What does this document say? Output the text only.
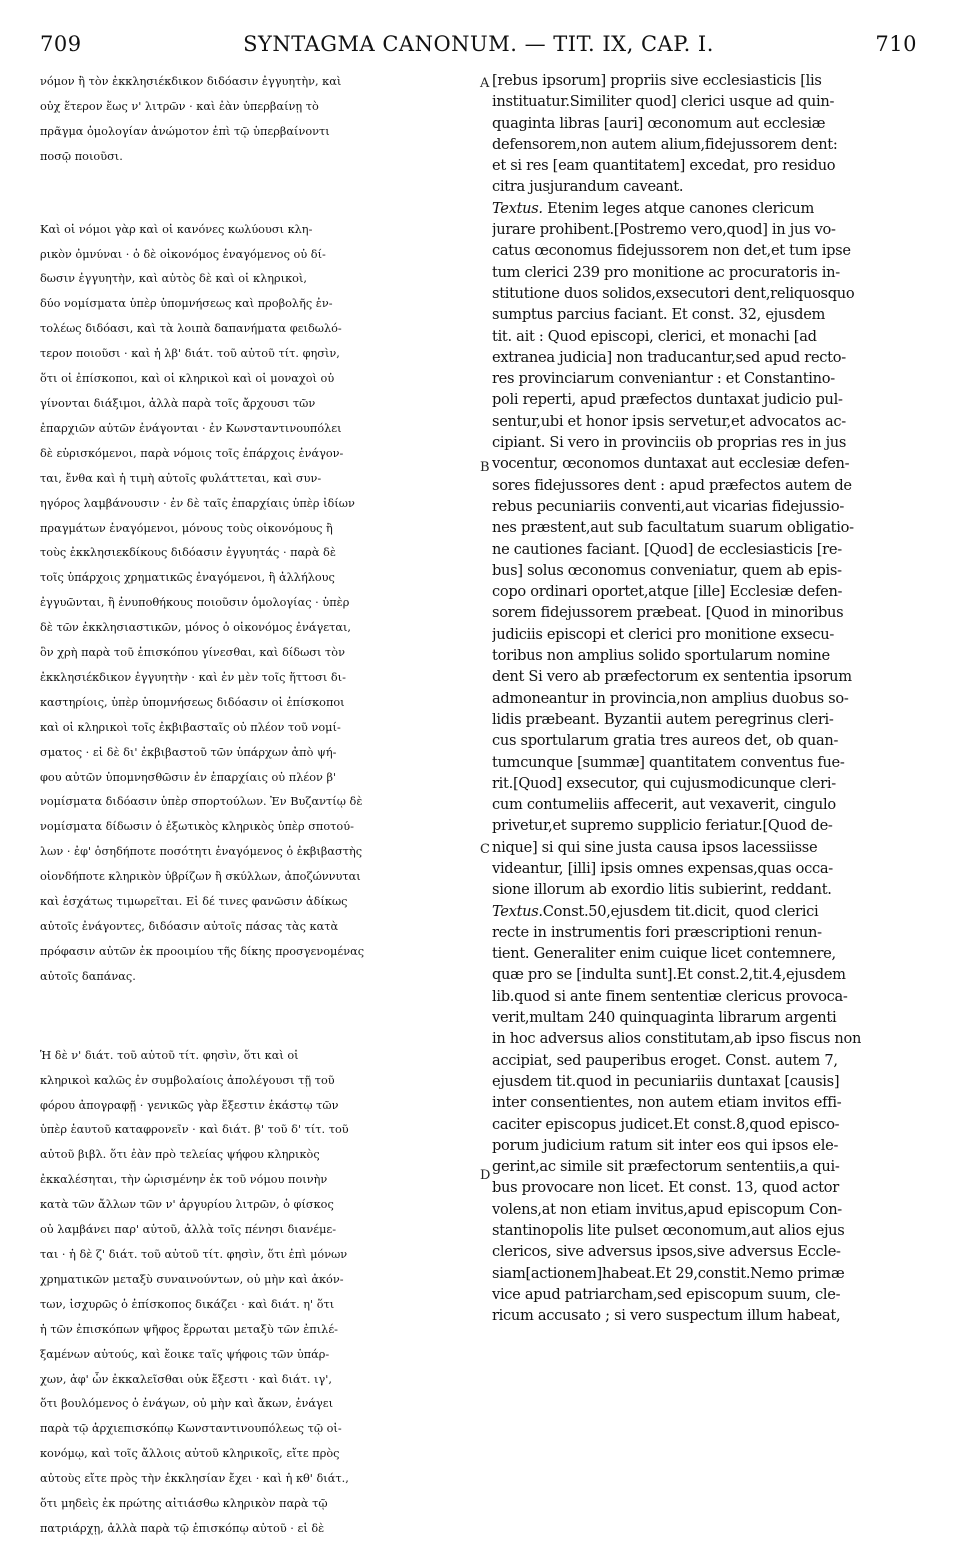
709	SYNTAGMA CANONUM. — TIT. IX, CAP. I.	710
A
B
C
D

νόμον ἢ τὸν ἐκκλησιέκδικον διδόασιν ἐγγυητὴν, καὶ
οὐχ ἕτερον ἕως ν' λιτρῶν · καὶ ἐὰν ὑπερβαίνῃ τὸ
πρᾶγμα ὁμολογίαν ἀνώμοτον ἐπὶ τῷ ὑπερβαίνοντι
ποσῷ ποιοῦσι.

Καὶ οἱ νόμοι γὰρ καὶ οἱ κανόνες κωλύουσι κλη-
ρικὸν ὀμνύναι · ὁ δὲ οἰκονόμος ἐναγόμενος οὐ δί-
δωσιν ἐγγυητὴν, καὶ αὐτὸς δὲ καὶ οἱ κληρικοὶ,
δύο νομίσματα ὑπὲρ ὑπομνήσεως καὶ προβολῆς ἐν-
τολέως διδόασι, καὶ τὰ λοιπὰ δαπανήματα φειδωλό-
τερον ποιοῦσι · καὶ ἡ λβ' διάτ. τοῦ αὐτοῦ τίτ. φησὶν,
ὅτι οἱ ἐπίσκοποι, καὶ οἱ κληρικοὶ καὶ οἱ μοναχοὶ οὐ
γίνονται διάξιμοι, ἀλλὰ παρὰ τοῖς ἄρχουσι τῶν
ἐπαρχιῶν αὐτῶν ἐνάγονται · ἐν Κωνσταντινουπόλει
δὲ εὑρισκόμενοι, παρὰ νόμοις τοῖς ἐπάρχοις ἐνάγον-
ται, ἔνθα καὶ ἡ τιμὴ αὐτοῖς φυλάττεται, καὶ συν-
ηγόρος λαμβάνουσιν · ἐν δὲ ταῖς ἐπαρχίαις ὑπὲρ ἰδίων
πραγμάτων ἐναγόμενοι, μόνους τοὺς οἰκονόμους ἢ
τοὺς ἐκκλησιεκδίκους διδόασιν ἐγγυητάς · παρὰ δὲ
τοῖς ὑπάρχοις χρηματικῶς ἐναγόμενοι, ἢ ἀλλήλους
ἐγγυῶνται, ἢ ἐνυποθήκους ποιοῦσιν ὁμολογίας · ὑπὲρ
δὲ τῶν ἐκκλησιαστικῶν, μόνος ὁ οἰκονόμος ἐνάγεται,
ὃν χρὴ παρὰ τοῦ ἐπισκόπου γίνεσθαι, καὶ δίδωσι τὸν
ἐκκλησιέκδικον ἐγγυητὴν · καὶ ἐν μὲν τοῖς ἥττοσι δι-
καστηρίοις, ὑπὲρ ὑπομνήσεως διδόασιν οἱ ἐπίσκοποι
καὶ οἱ κληρικοὶ τοῖς ἐκβιβασταῖς οὐ πλέον τοῦ νομί-
σματος · εἰ δὲ δι' ἐκβιβαστοῦ τῶν ὑπάρχων ἀπὸ ψή-
φου αὐτῶν ὑπομνησθῶσιν ἐν ἐπαρχίαις οὐ πλέον β'
νομίσματα διδόασιν ὑπὲρ σπορτούλων. Ἐν Βυζαντίῳ δὲ
νομίσματα δίδωσιν ὁ ἐξωτικὸς κληρικὸς ὑπὲρ σποτού-
λων · ἐφ' ὁσηδήποτε ποσότητι ἐναγόμενος ὁ ἐκβιβαστὴς
οἱονδήποτε κληρικὸν ὑβρίζων ἢ σκύλλων, ἀποζώννυται
καὶ ἐσχάτως τιμωρεῖται. Εἰ δέ τινες φανῶσιν ἀδίκως
αὐτοῖς ἐνάγοντες, διδόασιν αὐτοῖς πάσας τὰς κατὰ
πρόφασιν αὐτῶν ἐκ προοιμίου τῆς δίκης προσγενομένας
αὐτοῖς δαπάνας.

Ἡ δὲ ν' διάτ. τοῦ αὐτοῦ τίτ. φησὶν, ὅτι καὶ οἱ
κληρικοὶ καλῶς ἐν συμβολαίοις ἀπολέγουσι τῇ τοῦ
φόρου ἀπογραφῇ · γενικῶς γὰρ ἔξεστιν ἑκάστῳ τῶν
ὑπὲρ ἑαυτοῦ καταφρονεῖν · καὶ διάτ. β' τοῦ δ' τίτ. τοῦ
αὐτοῦ βιβλ. ὅτι ἐὰν πρὸ τελείας ψήφου κληρικὸς
ἐκκαλέσηται, τὴν ὡρισμένην ἐκ τοῦ νόμου ποινὴν
κατὰ τῶν ἄλλων τῶν ν' ἀργυρίου λιτρῶν, ὁ φίσκος
οὐ λαμβάνει παρ' αὐτοῦ, ἀλλὰ τοῖς πένησι διανέμε-
ται · ἡ δὲ ζ' διάτ. τοῦ αὐτοῦ τίτ. φησὶν, ὅτι ἐπὶ μόνων
χρηματικῶν μεταξὺ συναινούντων, οὐ μὴν καὶ ἀκόν-
των, ἰσχυρῶς ὁ ἐπίσκοπος δικάζει · καὶ διάτ. η' ὅτι
ἡ τῶν ἐπισκόπων ψῆφος ἔρρωται μεταξὺ τῶν ἐπιλέ-
ξαμένων αὐτούς, καὶ ἔοικε ταῖς ψήφοις τῶν ὑπάρ-
χων, ἀφ' ὧν ἐκκαλεῖσθαι οὐκ ἔξεστι · καὶ διάτ. ιγ',
ὅτι βουλόμενος ὁ ἐνάγων, οὐ μὴν καὶ ἄκων, ἐνάγει
παρὰ τῷ ἀρχιεπισκόπῳ Κωνσταντινουπόλεως τῷ οἰ-
κονόμῳ, καὶ τοῖς ἄλλοις αὐτοῦ κληρικοῖς, εἴτε πρὸς
αὐτοὺς εἴτε πρὸς τὴν ἐκκλησίαν ἔχει · καὶ ἡ κθ' διάτ.,
ὅτι μηδεὶς ἐκ πρώτης αἰτιάσθω κληρικὸν παρὰ τῷ
πατριάρχῃ, ἀλλὰ παρὰ τῷ ἐπισκόπῳ αὐτοῦ · εἰ δὲ

[rebus ipsorum] propriis sive ecclesiasticis [lis
instituatur.Similiter quod] clerici usque ad quin-
quaginta libras [auri] œconomum aut ecclesiæ
defensorem,non autem alium,fidejussorem dent:
et si res [eam quantitatem] excedat, pro residuo
citra jusjurandum caveant.

Textus. Etenim leges atque canones clericum
jurare prohibent.[Postremo vero,quod] in jus vo-
catus œconomus fidejussorem non det,et tum ipse
tum clerici 239 pro monitione ac procuratoris in-
stitutione duos solidos,exsecutori dent,reliquosquo
sumptus parcius faciant. Et const. 32, ejusdem
tit. ait : Quod episcopi, clerici, et monachi [ad
extranea judicia] non traducantur,sed apud recto-
res provinciarum conveniantur : et Constantino-
poli reperti, apud præfectos duntaxat judicio pul-
sentur,ubi et honor ipsis servetur,et advocatos ac-
cipiant. Si vero in provinciis ob proprias res in jus
vocentur, œconomos duntaxat aut ecclesiæ defen-
sores fidejussores dent : apud præfectos autem de
rebus pecuniariis conventi,aut vicarias fidejussio-
nes præstent,aut sub facultatum suarum obligatio-
ne cautiones faciant. [Quod] de ecclesiasticis [re-
bus] solus œconomus conveniatur, quem ab epis-
copo ordinari oportet,atque [ille] Ecclesiæ defen-
sorem fidejussorem præbeat. [Quod in minoribus
judiciis episcopi et clerici pro monitione exsecu-
toribus non amplius solido sportularum nomine
dent Si vero ab præfectorum ex sententia ipsorum
admoneantur in provincia,non amplius duobus so-
lidis præbeant. Byzantii autem peregrinus cleri-
cus sportularum gratia tres aureos det, ob quan-
tumcunque [summæ] quantitatem conventus fue-
rit.[Quod] exsecutor, qui cujusmodicunque cleri-
cum contumeliis affecerit, aut vexaverit, cingulo
privetur,et supremo supplicio feriatur.[Quod de-
nique] si qui sine justa causa ipsos lacessiisse
videantur, [illi] ipsis omnes expensas,quas occa-
sione illorum ab exordio litis subierint, reddant.

Textus.Const.50,ejusdem tit.dicit, quod clerici
recte in instrumentis fori præscriptioni renun-
tient. Generaliter enim cuique licet contemnere,
quæ pro se [indulta sunt].Et const.2,tit.4,ejusdem
lib.quod si ante finem sententiæ clericus provoca-
verit,multam 240 quinquaginta librarum argenti
in hoc adversus alios constitutam,ab ipso fiscus non
accipiat, sed pauperibus eroget. Const. autem 7,
ejusdem tit.quod in pecuniariis duntaxat [causis]
inter consentientes, non autem etiam invitos effi-
caciter episcopus judicet.Et const.8,quod episco-
porum judicium ratum sit inter eos qui ipsos ele-
gerint,ac simile sit præfectorum sententiis,a qui-
bus provocare non licet. Et const. 13, quod actor
volens,at non etiam invitus,apud episcopum Con-
stantinopolis lite pulset œconomum,aut alios ejus
clericos, sive adversus ipsos,sive adversus Eccle-
siam[actionem]habeat.Et 29,constit.Nemo primæ
vice apud patriarcham,sed episcopum suum, cle-
ricum accusato ; si vero suspectum illum habeat,
